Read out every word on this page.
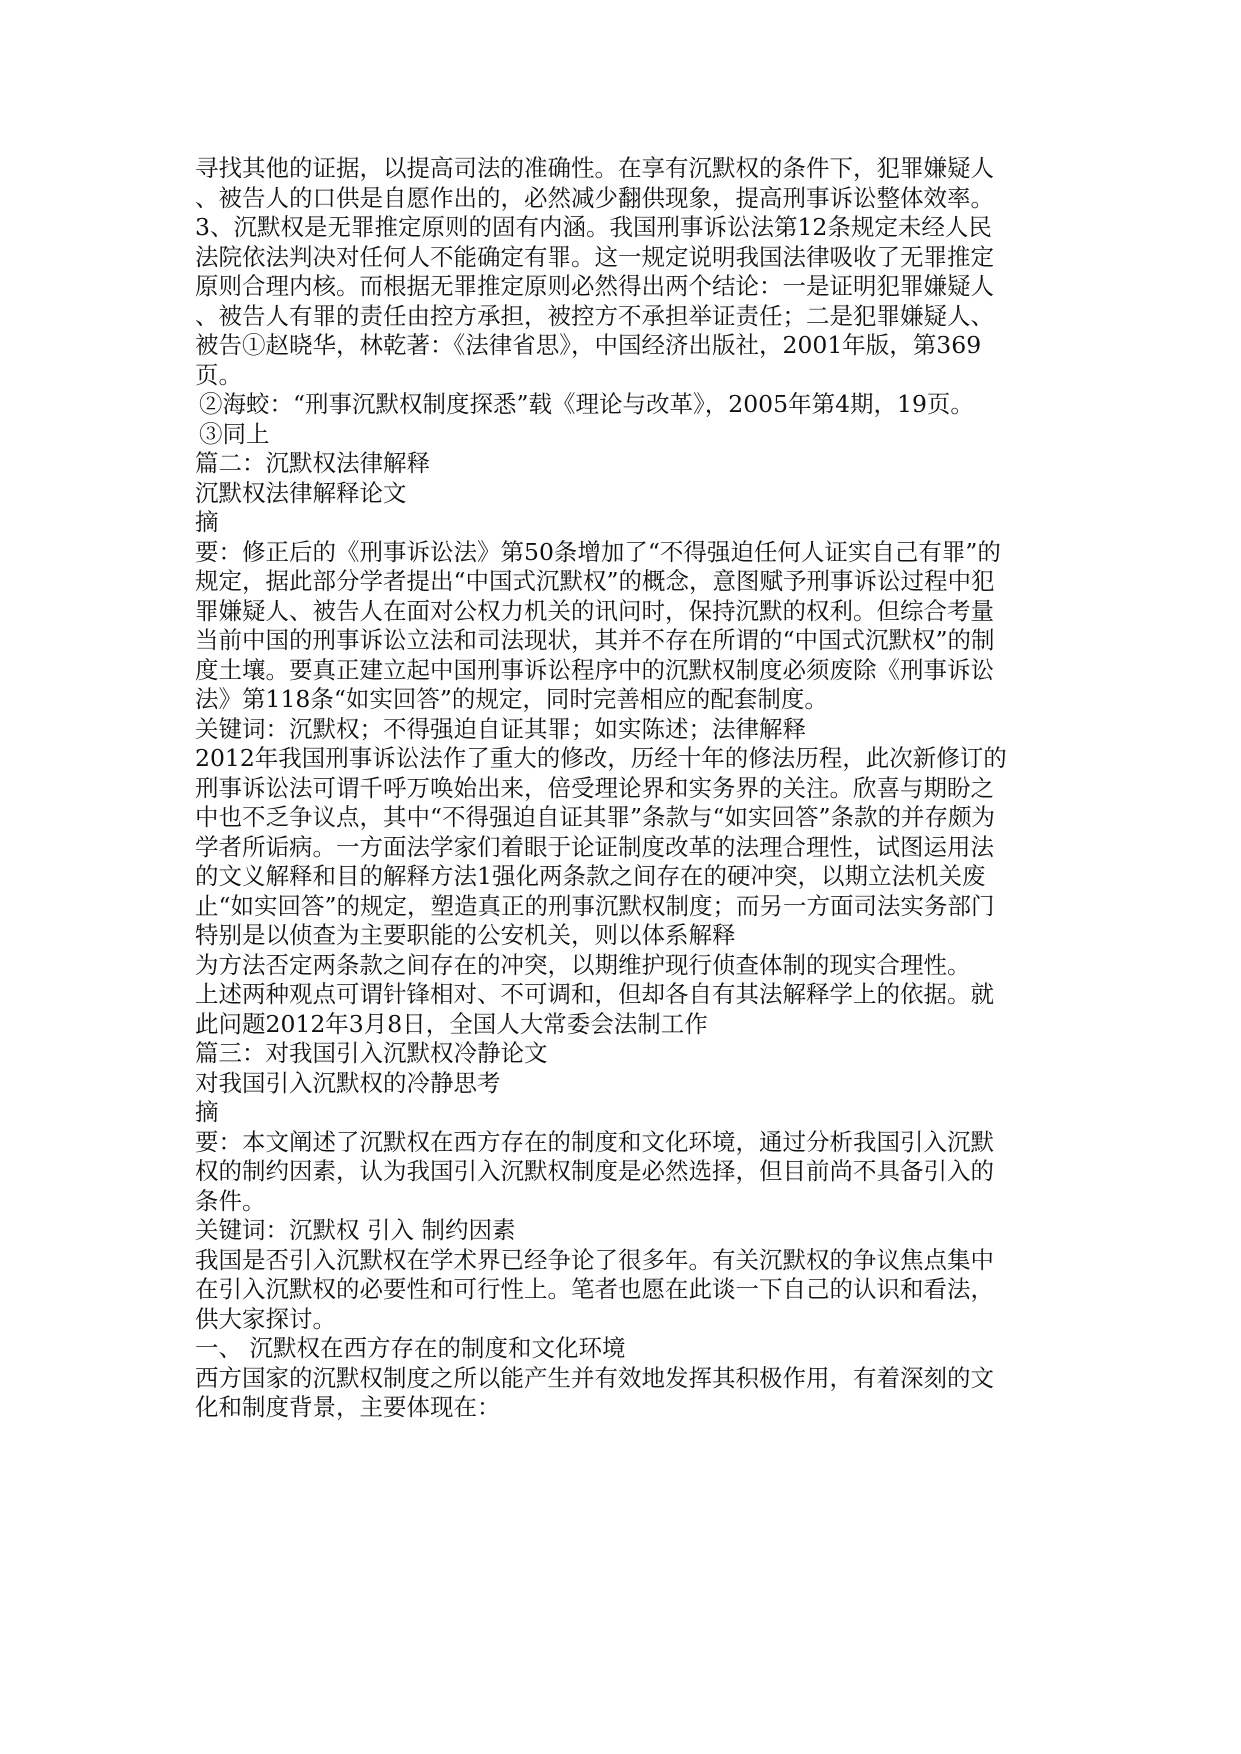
寻找其他的证据，以提高司法的准确性。在享有沉默权的条件下，犯罪嫌疑人
、被告人的口供是自愿作出的，必然减少翻供现象，提高刑事诉讼整体效率。
3、沉默权是无罪推定原则的固有内涵。我国刑事诉讼法第12条规定未经人民
法院依法判决对任何人不能确定有罪。这一规定说明我国法律吸收了无罪推定
原则合理内核。而根据无罪推定原则必然得出两个结论：一是证明犯罪嫌疑人
、被告人有罪的责任由控方承担，被控方不承担举证责任；二是犯罪嫌疑人、
被告①赵晓华，林乾著：《法律省思》，中国经济出版社，2001年版，第369
页。
②海蛟：“刑事沉默权制度探悉”载《理论与改革》，2005年第4期，19页。
③同上
篇二：沉默权法律解释
沉默权法律解释论文
摘
要：修正后的《刑事诉讼法》第50条增加了“不得强迫任何人证实自己有罪”的
规定，据此部分学者提出“中国式沉默权”的概念，意图赋予刑事诉讼过程中犯
罪嫌疑人、被告人在面对公权力机关的讯问时，保持沉默的权利。但综合考量
当前中国的刑事诉讼立法和司法现状，其并不存在所谓的“中国式沉默权”的制
度土壤。要真正建立起中国刑事诉讼程序中的沉默权制度必须废除《刑事诉讼
法》第118条“如实回答”的规定，同时完善相应的配套制度。
关键词：沉默权；不得强迫自证其罪；如实陈述；法律解释
2012年我国刑事诉讼法作了重大的修改，历经十年的修法历程，此次新修订的
刑事诉讼法可谓千呼万唤始出来，倍受理论界和实务界的关注。欣喜与期盼之
中也不乏争议点，其中“不得强迫自证其罪”条款与“如实回答”条款的并存颇为
学者所诟病。一方面法学家们着眼于论证制度改革的法理合理性，试图运用法
的文义解释和目的解释方法1强化两条款之间存在的硬冲突，以期立法机关废
止“如实回答”的规定，塑造真正的刑事沉默权制度；而另一方面司法实务部门
特别是以侦查为主要职能的公安机关，则以体系解释
为方法否定两条款之间存在的冲突，以期维护现行侦查体制的现实合理性。
上述两种观点可谓针锋相对、不可调和，但却各自有其法解释学上的依据。就
此问题2012年3月8日，全国人大常委会法制工作
篇三：对我国引入沉默权冷静论文
对我国引入沉默权的冷静思考
摘
要：本文阐述了沉默权在西方存在的制度和文化环境，通过分析我国引入沉默
权的制约因素，认为我国引入沉默权制度是必然选择，但目前尚不具备引入的
条件。
关键词：沉默权 引入 制约因素
我国是否引入沉默权在学术界已经争论了很多年。有关沉默权的争议焦点集中
在引入沉默权的必要性和可行性上。笔者也愿在此谈一下自己的认识和看法，
供大家探讨。
一、 沉默权在西方存在的制度和文化环境
西方国家的沉默权制度之所以能产生并有效地发挥其积极作用，有着深刻的文
化和制度背景，主要体现在：
